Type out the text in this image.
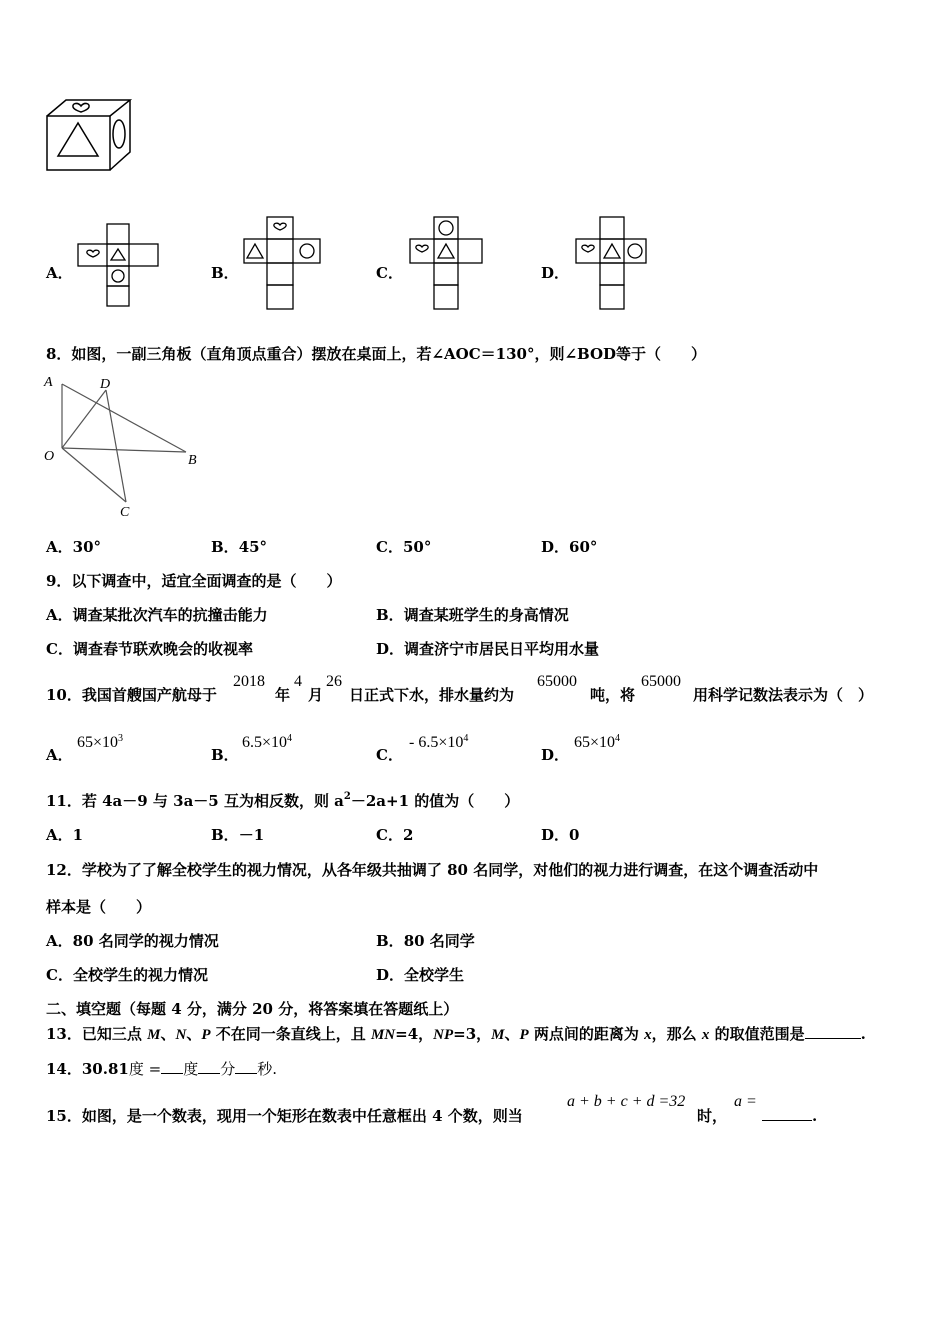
A．	B．	C．	D．
8．如图，一副三角板（直角顶点重合）摆放在桌面上，若∠AOC＝130°，则∠BOD等于（　　）
A	D
O	B
C
A．30°	B．45°	C．50°	D．60°
9．以下调查中，适宜全面调查的是（　　）
A．调查某批次汽车的抗撞击能力	B．调查某班学生的身高情况
C．调查春节联欢晚会的收视率	D．调查济宁市居民日平均用水量
10．我国首艘国产航母于
2018
年
4
月
26
日正式下水，排水量约为
65000
吨，将
65000
用科学记数法表示为（　）
A．
$65\times 10^3$
B．
$6.5\times 10^4$
C．
- $6.5\times 10^4$
D．
$65\times 10^4$
11．若 4a－9 与 3a－5 互为相反数，则 $a^2-2a+1$ 的值为（　　）
A．1	B．－1	C．2	D．0
12．学校为了了解全校学生的视力情况，从各年级共抽调了 80 名同学，对他们的视力进行调查，在这个调查活动中
样本是（　　）
A．80 名同学的视力情况	B．80 名同学
C．全校学生的视力情况	D．全校学生
二、填空题（每题 4 分，满分 20 分，将答案填在答题纸上）
13．已知三点 M、N、P 不在同一条直线上，且 MN=4，NP=3，M、P 两点间的距离为 x，那么 x 的取值范围是	.
14．30.81度 = 度 分 秒.
15．如图，是一个数表，现用一个矩形在数表中任意框出 4 个数，则当
a + b + c + d =32
时，
a =
.
